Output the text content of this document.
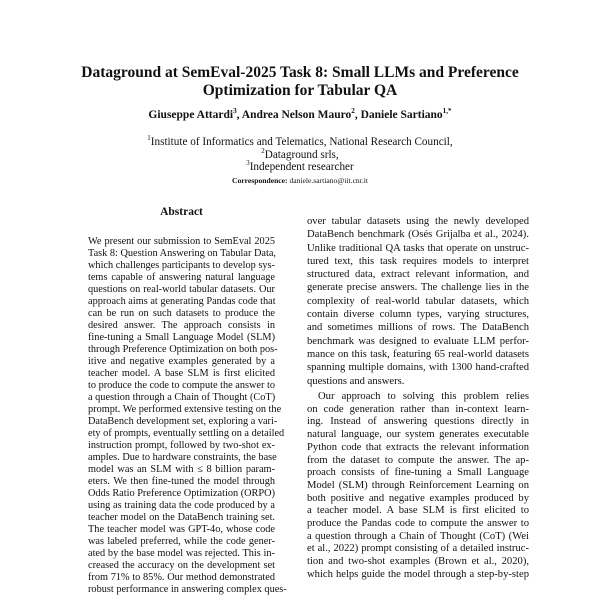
Dataground at SemEval-2025 Task 8: Small LLMs and Preference
Optimization for Tabular QA
Giuseppe Attardi$^3$, Andrea Nelson Mauro$^2$, Daniele Sartiano$^{1,*}$
$^1$Institute of Informatics and Telematics, National Research Council,
$^2$Dataground srls,
$^3$Independent researcher
Correspondence: daniele.sartiano@iit.cnr.it
Abstract
We present our submission to SemEval 2025
Task 8: Question Answering on Tabular Data,
which challenges participants to develop sys-
tems capable of answering natural language
questions on real-world tabular datasets. Our
approach aims at generating Pandas code that
can be run on such datasets to produce the
desired answer. The approach consists in
fine-tuning a Small Language Model (SLM)
through Preference Optimization on both pos-
itive and negative examples generated by a
teacher model. A base SLM is first elicited
to produce the code to compute the answer to
a question through a Chain of Thought (CoT)
prompt. We performed extensive testing on the
DataBench development set, exploring a vari-
ety of prompts, eventually settling on a detailed
instruction prompt, followed by two-shot ex-
amples. Due to hardware constraints, the base
model was an SLM with ≤ 8 billion param-
eters. We then fine-tuned the model through
Odds Ratio Preference Optimization (ORPO)
using as training data the code produced by a
teacher model on the DataBench training set.
The teacher model was GPT-4o, whose code
was labeled preferred, while the code gener-
ated by the base model was rejected. This in-
creased the accuracy on the development set
from 71% to 85%. Our method demonstrated
robust performance in answering complex ques-
over tabular datasets using the newly developed
DataBench benchmark (Osés Grijalba et al., 2024).
Unlike traditional QA tasks that operate on unstruc-
tured text, this task requires models to interpret
structured data, extract relevant information, and
generate precise answers. The challenge lies in the
complexity of real-world tabular datasets, which
contain diverse column types, varying structures,
and sometimes millions of rows. The DataBench
benchmark was designed to evaluate LLM perfor-
mance on this task, featuring 65 real-world datasets
spanning multiple domains, with 1300 hand-crafted
questions and answers.
Our approach to solving this problem relies
on code generation rather than in-context learn-
ing. Instead of answering questions directly in
natural language, our system generates executable
Python code that extracts the relevant information
from the dataset to compute the answer. The ap-
proach consists of fine-tuning a Small Language
Model (SLM) through Reinforcement Learning on
both positive and negative examples produced by
a teacher model. A base SLM is first elicited to
produce the Pandas code to compute the answer to
a question through a Chain of Thought (CoT) (Wei
et al., 2022) prompt consisting of a detailed instruc-
tion and two-shot examples (Brown et al., 2020),
which helps guide the model through a step-by-step
